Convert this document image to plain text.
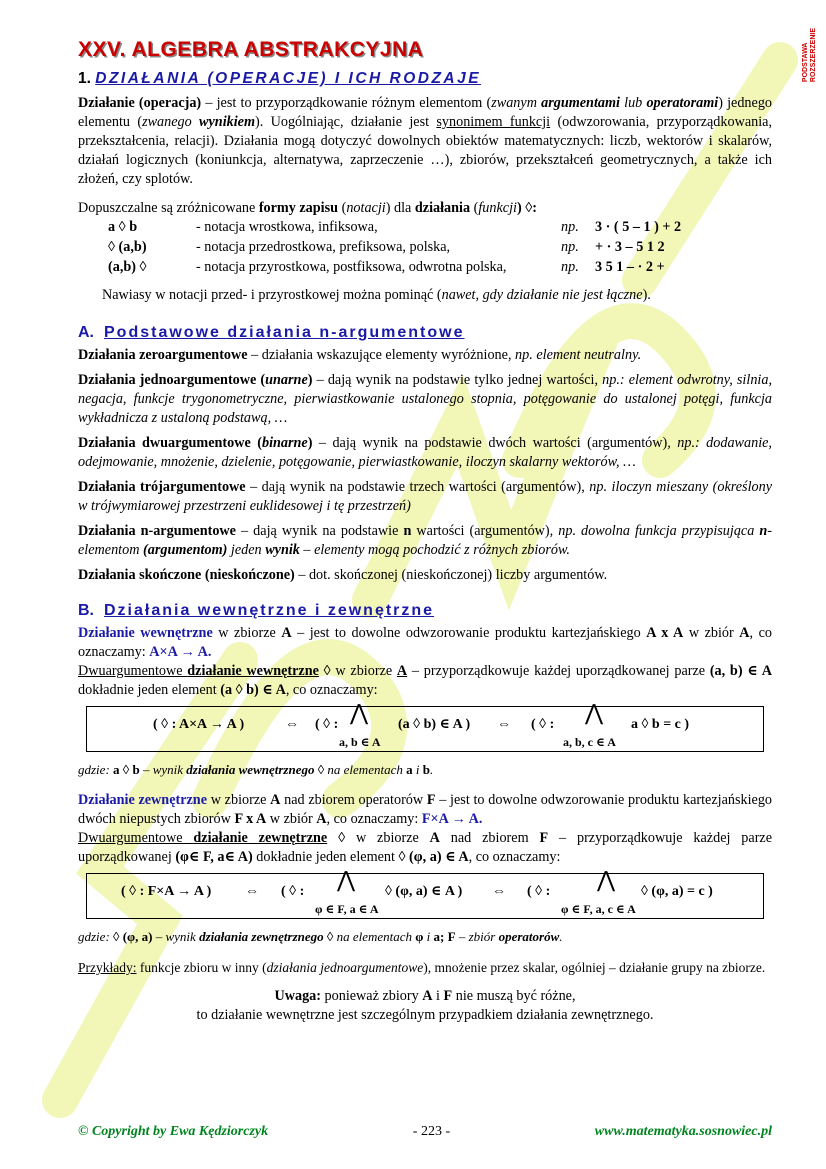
PODSTAWA
ROZSZERZENIE
XXV. ALGEBRA ABSTRAKCYJNA
1. DZIAŁANIA (OPERACJE) I ICH RODZAJE

Działanie (operacja) – jest to przyporządkowanie różnym elementom (zwanym argumentami lub operatorami) jednego elementu (zwanego wynikiem). Uogólniając, działanie jest synonimem funkcji (odwzorowania, przyporządkowania, przekształcenia, relacji). Działania mogą dotyczyć dowolnych obiektów matematycznych: liczb, wektorów i skalarów, działań logicznych (koniunkcja, alternatywa, zaprzeczenie …), zbiorów, przekształceń geometrycznych, a także ich złożeń, czy splotów.

Dopuszczalne są zróżnicowane formy zapisu (notacji) dla działania (funkcji) ◊:

a ◊ b	- notacja wrostkowa, infiksowa,	np.	3 · ( 5 – 1 ) + 2
◊ (a,b)	- notacja przedrostkowa, prefiksowa, polska,	np.	+ · 3 – 5 1 2
(a,b) ◊	- notacja przyrostkowa, postfiksowa, odwrotna polska,	np.	3 5 1 – · 2 +

Nawiasy w notacji przed- i przyrostkowej można pominąć (nawet, gdy działanie nie jest łączne).

A. Podstawowe działania n-argumentowe

Działania zeroargumentowe – działania wskazujące elementy wyróżnione, np. element neutralny.

Działania jednoargumentowe (unarne) – dają wynik na podstawie tylko jednej wartości, np.: element odwrotny, silnia, negacja, funkcje trygonometryczne, pierwiastkowanie ustalonego stopnia, potęgowanie do ustalonej potęgi, funkcja wykładnicza z ustaloną podstawą, …

Działania dwuargumentowe (binarne) – dają wynik na podstawie dwóch wartości (argumentów), np.: dodawanie, odejmowanie, mnożenie, dzielenie, potęgowanie, pierwiastkowanie, iloczyn skalarny wektorów, …

Działania trójargumentowe – dają wynik na podstawie trzech wartości (argumentów), np. iloczyn mieszany (określony w trójwymiarowej przestrzeni euklidesowej i tę przestrzeń)

Działania n-argumentowe – dają wynik na podstawie n wartości (argumentów), np. dowolna funkcja przypisująca n-elementom (argumentom) jeden wynik – elementy mogą pochodzić z różnych zbiorów.

Działania skończone (nieskończone) – dot. skończonej (nieskończonej) liczby argumentów.

B. Działania wewnętrzne i zewnętrzne

Działanie wewnętrzne w zbiorze A – jest to dowolne odwzorowanie produktu kartezjańskiego A x A w zbiór A, co oznaczamy: A×A → A.

Dwuargumentowe działanie wewnętrzne ◊ w zbiorze A – przyporządkowuje każdej uporządkowanej parze (a, b) ∈ A dokładnie jeden element (a ◊ b) ∈ A, co oznaczamy:

( ◊ : A×A → A )	⇔ ( ◊ : ⋀
a, b ∈ A
(a ◊ b) ∈ A ) ⇔ ( ◊ : ⋀
a, b, c ∈ A
a ◊ b = c )

gdzie: a ◊ b – wynik działania wewnętrznego ◊ na elementach a i b.

Działanie zewnętrzne w zbiorze A nad zbiorem operatorów F – jest to dowolne odwzorowanie produktu kartezjańskiego dwóch niepustych zbiorów F x A w zbiór A, co oznaczamy: F×A → A.

Dwuargumentowe działanie zewnętrzne ◊ w zbiorze A nad zbiorem F – przyporządkowuje każdej parze uporządkowanej (φ∈ F, a∈ A) dokładnie jeden element ◊ (φ, a) ∈ A, co oznaczamy:

( ◊ : F×A → A ) ⇔ ( ◊ : ⋀
φ ∈ F, a ∈ A
◊ (φ, a) ∈ A ) ⇔ ( ◊ : ⋀
φ ∈ F, a, c ∈ A
◊ (φ, a) = c )

gdzie: ◊ (φ, a) – wynik działania zewnętrznego ◊ na elementach φ i a; F – zbiór operatorów.

Przykłady: funkcje zbioru w inny (działania jednoargumentowe), mnożenie przez skalar, ogólniej – działanie grupy na zbiorze.

Uwaga: ponieważ zbiory A i F nie muszą być różne,

to działanie wewnętrzne jest szczególnym przypadkiem działania zewnętrznego.

© Copyright by Ewa Kędziorczyk	- 223 -	www.matematyka.sosnowiec.pl
